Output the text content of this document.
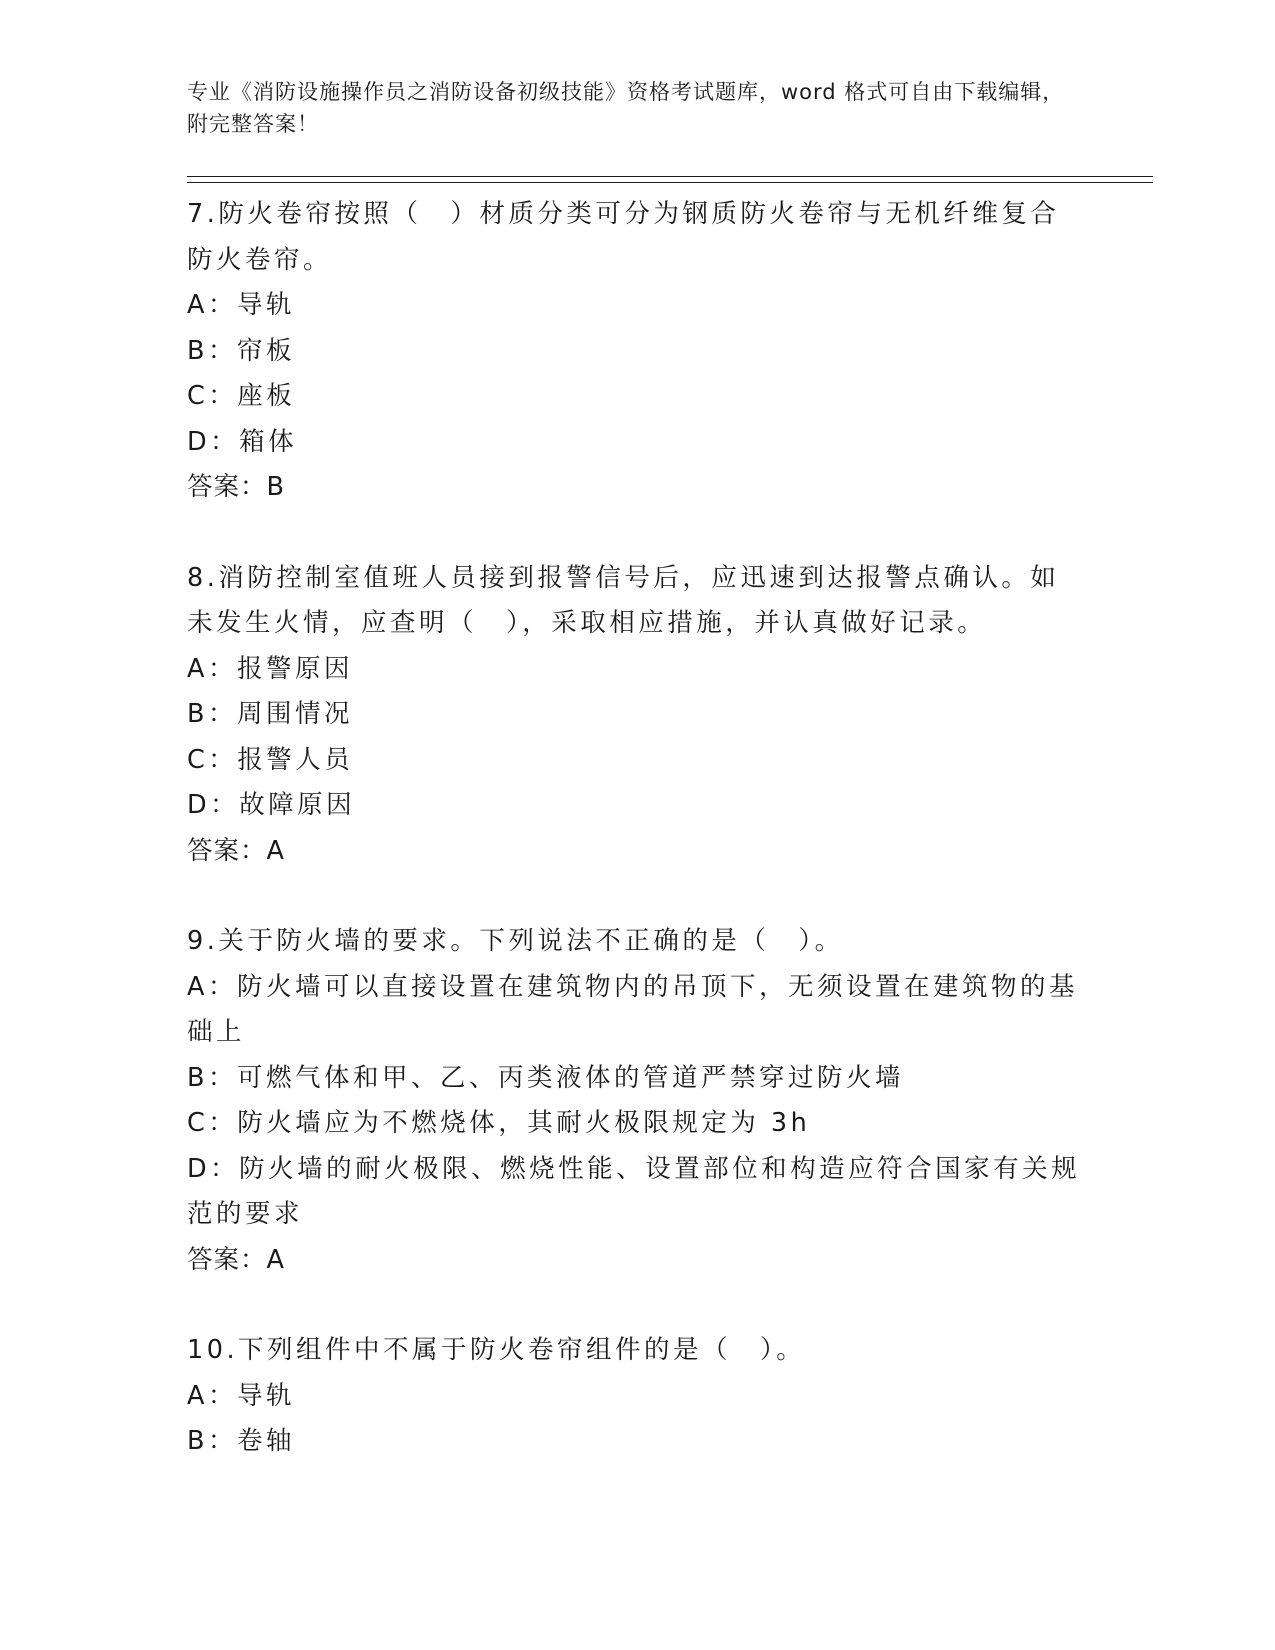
专业《消防设施操作员之消防设备初级技能》资格考试题库，word 格式可自由下载编辑，附完整答案！
7.防火卷帘按照（　）材质分类可分为钢质防火卷帘与无机纤维复合防火卷帘。
A：导轨
B：帘板
C：座板
D：箱体
答案：B
8.消防控制室值班人员接到报警信号后，应迅速到达报警点确认。如未发生火情，应查明（　），采取相应措施，并认真做好记录。
A：报警原因
B：周围情况
C：报警人员
D：故障原因
答案：A
9.关于防火墙的要求。下列说法不正确的是（　）。
A：防火墙可以直接设置在建筑物内的吊顶下，无须设置在建筑物的基础上
B：可燃气体和甲、乙、丙类液体的管道严禁穿过防火墙
C：防火墙应为不燃烧体，其耐火极限规定为 3h
D：防火墙的耐火极限、燃烧性能、设置部位和构造应符合国家有关规范的要求
答案：A
10.下列组件中不属于防火卷帘组件的是（　）。
A：导轨
B：卷轴
